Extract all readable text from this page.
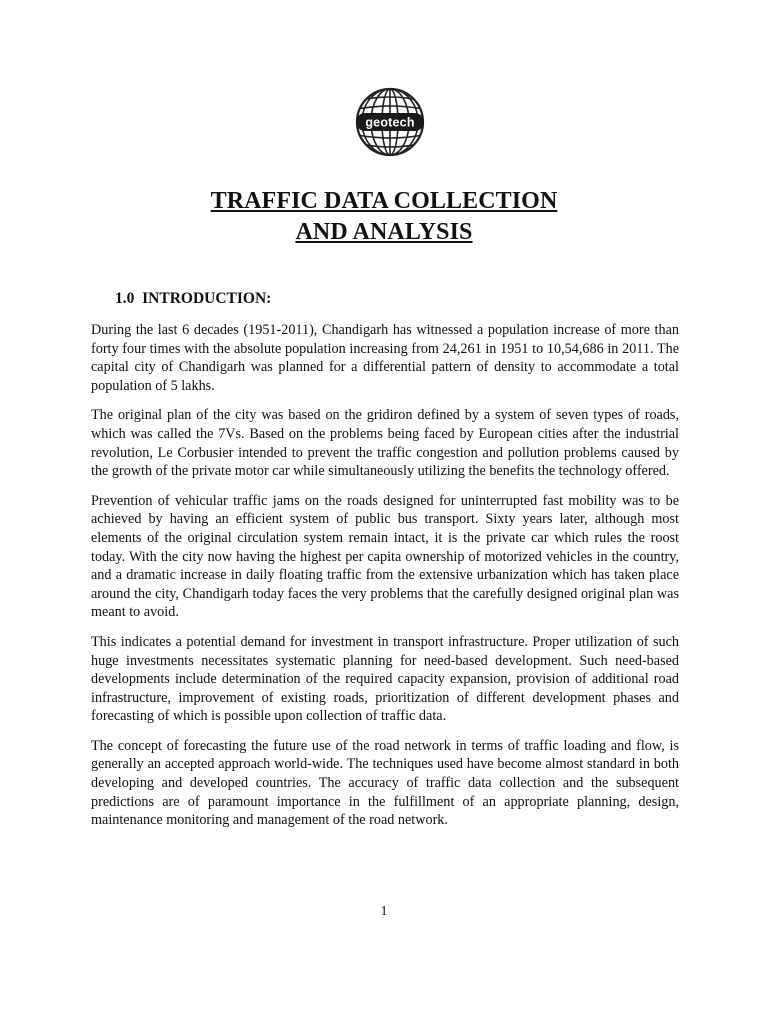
geotech
TRAFFIC DATA COLLECTION
AND ANALYSIS
1.0  INTRODUCTION:

During the last 6 decades (1951-2011), Chandigarh has witnessed a population increase of more than forty four times with the absolute population increasing from 24,261 in 1951 to 10,54,686 in 2011. The capital city of Chandigarh was planned for a differential pattern of density to accommodate a total population of 5 lakhs.

The original plan of the city was based on the gridiron defined by a system of seven types of roads, which was called the 7Vs. Based on the problems being faced by European cities after the industrial revolution, Le Corbusier intended to prevent the traffic congestion and pollution problems caused by the growth of the private motor car while simultaneously utilizing the benefits the technology offered.

Prevention of vehicular traffic jams on the roads designed for uninterrupted fast mobility was to be achieved by having an efficient system of public bus transport. Sixty years later, although most elements of the original circulation system remain intact, it is the private car which rules the roost today. With the city now having the highest per capita ownership of motorized vehicles in the country, and a dramatic increase in daily floating traffic from the extensive urbanization which has taken place around the city, Chandigarh today faces the very problems that the carefully designed original plan was meant to avoid.

This indicates a potential demand for investment in transport infrastructure. Proper utilization of such huge investments necessitates systematic planning for need-based development. Such need-based developments include determination of the required capacity expansion, provision of additional road infrastructure, improvement of existing roads, prioritization of different development phases and forecasting of which is possible upon collection of traffic data.

The concept of forecasting the future use of the road network in terms of traffic loading and flow, is generally an accepted approach world-wide. The techniques used have become almost standard in both developing and developed countries. The accuracy of traffic data collection and the subsequent predictions are of paramount importance in the fulfillment of an appropriate planning, design, maintenance monitoring and management of the road network.

1
